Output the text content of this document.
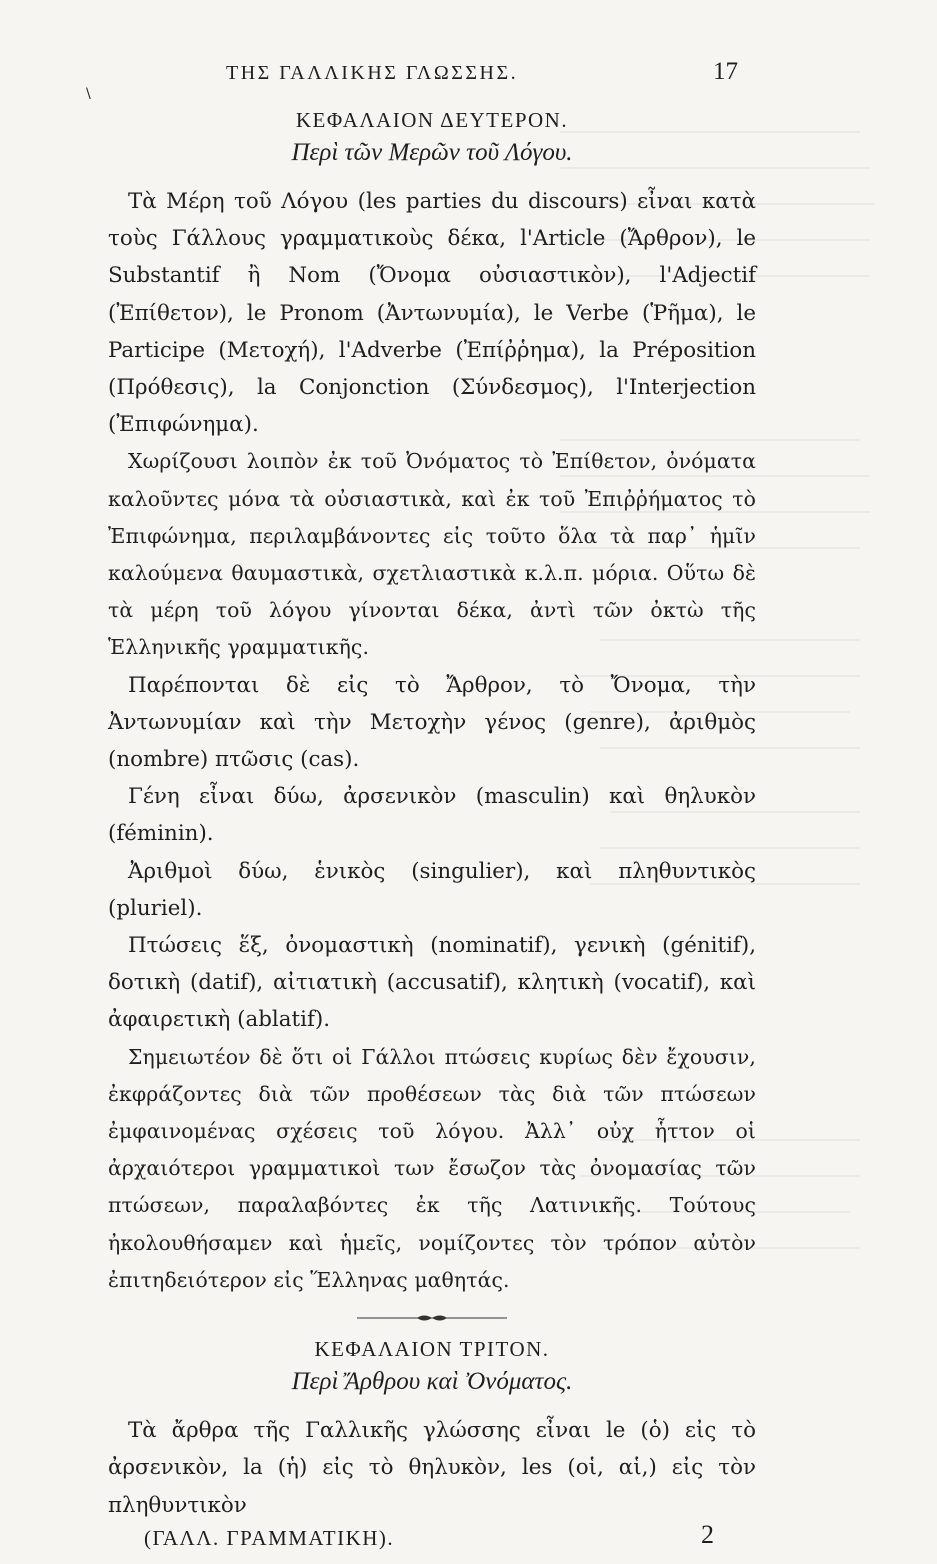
\
ΤΗΣ ΓΑΛΛΙΚΗΣ ΓΛΩΣΣΗΣ.	17
ΚΕΦΑΛΑΙΟΝ ΔΕΥΤΕΡΟΝ.
Περὶ τῶν Μερῶν τοῦ Λόγου.

Τὰ Μέρη τοῦ Λόγου (les parties du discours) εἶναι κατὰ τοὺς Γάλλους γραμματικοὺς δέκα, l'Article (Ἄρθρον), le Substantif ἢ Nom (Ὄνομα οὐσιαστικὸν), l'Adjectif (Ἐπίθετον), le Pronom (Ἀντωνυμία), le Verbe (Ῥῆμα), le Participe (Μετοχή), l'Adverbe (Ἐπίῤῥημα), la Préposition (Πρόθεσις), la Conjonction (Σύνδεσμος), l'Interjection (Ἐπιφώνημα).

Χωρίζουσι λοιπὸν ἐκ τοῦ Ὀνόματος τὸ Ἐπίθετον, ὀνόματα καλοῦντες μόνα τὰ οὐσιαστικὰ, καὶ ἐκ τοῦ Ἐπιῤῥήματος τὸ Ἐπιφώνημα, περιλαμβάνοντες εἰς τοῦτο ὅλα τὰ παρ᾽ ἡμῖν καλούμενα θαυμαστικὰ, σχετλιαστικὰ κ.λ.π. μόρια. Οὕτω δὲ τὰ μέρη τοῦ λόγου γίνονται δέκα, ἀντὶ τῶν ὀκτὼ τῆς Ἑλληνικῆς γραμματικῆς.

Παρέπονται δὲ εἰς τὸ Ἄρθρον, τὸ Ὄνομα, τὴν Ἀντωνυμίαν καὶ τὴν Μετοχὴν γένος (genre), ἀριθμὸς (nombre) πτῶσις (cas).

Γένη εἶναι δύω, ἀρσενικὸν (masculin) καὶ θηλυκὸν (féminin).

Ἀριθμοὶ δύω, ἑνικὸς (singulier), καὶ πληθυντικὸς (pluriel).

Πτώσεις ἕξ, ὀνομαστικὴ (nominatif), γενικὴ (génitif), δοτικὴ (datif), αἰτιατικὴ (accusatif), κλητικὴ (vocatif), καὶ ἀφαιρετικὴ (ablatif).

Σημειωτέον δὲ ὅτι οἱ Γάλλοι πτώσεις κυρίως δὲν ἔχουσιν, ἐκφράζοντες διὰ τῶν προθέσεων τὰς διὰ τῶν πτώσεων ἐμφαινομένας σχέσεις τοῦ λόγου. Ἀλλ᾽ οὐχ ἧττον οἱ ἀρχαιότεροι γραμματικοὶ των ἔσωζον τὰς ὀνομασίας τῶν πτώσεων, παραλαβόντες ἐκ τῆς Λατινικῆς. Τούτους ἠκολουθήσαμεν καὶ ἡμεῖς, νομίζοντες τὸν τρόπον αὐτὸν ἐπιτηδειότερον εἰς Ἕλληνας μαθητάς.

ΚΕΦΑΛΑΙΟΝ ΤΡΙΤΟΝ.
Περὶ Ἄρθρου καὶ Ὀνόματος.

Τὰ ἄρθρα τῆς Γαλλικῆς γλώσσης εἶναι le (ὁ) εἰς τὸ ἀρσενικὸν, la (ἡ) εἰς τὸ θηλυκὸν, les (οἱ, αἱ,) εἰς τὸν πληθυντικὸν

(ΓΑΛΛ. ΓΡΑΜΜΑΤΙΚΗ).	2
